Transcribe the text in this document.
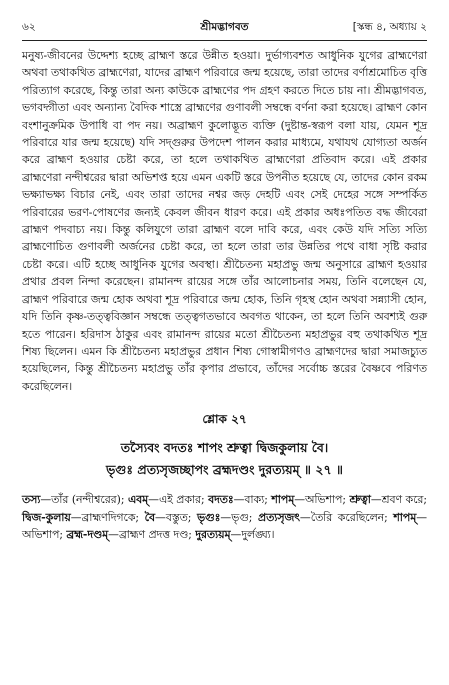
৬২	শ্রীমদ্ভাগবত	[স্কন্ধ ৪, অধ্যায় ২

মনুষ্য-জীবনের উদ্দেশ্য হচ্ছে ব্রাহ্মণ স্তরে উন্নীত হওয়া। দুর্ভাগ্যবশত আধুনিক যুগের ব্রাহ্মণেরা অথবা তথাকথিত ব্রাহ্মণেরা, যাদের ব্রাহ্মণ পরিবারে জন্ম হয়েছে, তারা তাদের বর্ণাশ্রমোচিত বৃত্তি পরিত্যাগ করেছে, কিন্তু তারা অন্য কাউকে ব্রাহ্মণের পদ গ্রহণ করতে দিতে চায় না। শ্রীমদ্ভাগবত, ভগবদ্গীতা এবং অন্যান্য বৈদিক শাস্ত্রে ব্রাহ্মণের গুণাবলী সম্বন্ধে বর্ণনা করা হয়েছে। ব্রাহ্মণ কোন বংশানুক্রমিক উপাধি বা পদ নয়। অব্রাহ্মণ কুলোদ্ভূত ব্যক্তি (দুষ্টান্ত-স্বরূপ বলা যায়, যেমন শূদ্র পরিবারে যার জন্ম হয়েছে) যদি সদ্গুরুর উপদেশ পালন করার মাধ্যমে, যথাযথ যোগ্যতা অর্জন করে ব্রাহ্মণ হওয়ার চেষ্টা করে, তা হলে তথাকথিত ব্রাহ্মণেরা প্রতিবাদ করে। এই প্রকার ব্রাহ্মণেরা নন্দীশ্বরের দ্বারা অভিশপ্ত হয়ে এমন একটি স্তরে উপনীত হয়েছে যে, তাদের কোন রকম ভক্ষ্যাভক্ষ্য বিচার নেই, এবং তারা তাদের নশ্বর জড় দেহটি এবং সেই দেহের সঙ্গে সম্পর্কিত পরিবারের ভরণ-পোষণের জন্যই কেবল জীবন ধারণ করে। এই প্রকার অধঃপতিত বদ্ধ জীবেরা ব্রাহ্মণ পদবাচ্য নয়। কিন্তু কলিযুগে তারা ব্রাহ্মণ বলে দাবি করে, এবং কেউ যদি সত্যি সত্যি ব্রাহ্মণোচিত গুণাবলী অর্জনের চেষ্টা করে, তা হলে তারা তার উন্নতির পথে বাধা সৃষ্টি করার চেষ্টা করে। এটি হচ্ছে আধুনিক যুগের অবস্থা। শ্রীচৈতন্য মহাপ্রভু জন্ম অনুসারে ব্রাহ্মণ হওয়ার প্রথার প্রবল নিন্দা করেছেন। রামানন্দ রায়ের সঙ্গে তাঁর আলোচনার সময়, তিনি বলেছেন যে, ব্রাহ্মণ পরিবারে জন্ম হোক অথবা শূদ্র পরিবারে জন্ম হোক, তিনি গৃহস্থ হোন অথবা সন্ন্যাসী হোন, যদি তিনি কৃষ্ণ-তত্ত্ববিজ্ঞান সম্বন্ধে তত্ত্বগতভাবে অবগত থাকেন, তা হলে তিনি অবশ্যই গুরু হতে পারেন। হরিদাস ঠাকুর এবং রামানন্দ রায়ের মতো শ্রীচৈতন্য মহাপ্রভুর বহু তথাকথিত শূদ্র শিষ্য ছিলেন। এমন কি শ্রীচৈতন্য মহাপ্রভুর প্রধান শিষ্য গোস্বামীগণও ব্রাহ্মণদের দ্বারা সমাজচ্যুত হয়েছিলেন, কিন্তু শ্রীচৈতন্য মহাপ্রভু তাঁর কৃপার প্রভাবে, তাঁদের সর্বোচ্চ স্তরের বৈষ্ণবে পরিণত করেছিলেন।

শ্লোক ২৭
তস্যৈবং বদতঃ শাপং শ্রুত্বা দ্বিজকুলায় বৈ।
ভৃগুঃ প্রত্যসৃজচ্ছাপং ব্রহ্মদণ্ডং দুরত্যয়ম্ ॥ ২৭ ॥
তস্য—তাঁর (নন্দীশ্বরের); এবম্—এই প্রকার; বদতঃ—বাক্য; শাপম্—অভিশাপ; শ্রুত্বা—শ্রবণ করে; দ্বিজ-কুলায়—ব্রাহ্মণদিগকে; বৈ—বস্তুত; ভৃগুঃ—ভৃগু; প্রত্যসৃজৎ—তৈরি করেছিলেন; শাপম্—অভিশাপ; ব্রহ্ম-দণ্ডম্—ব্রাহ্মণ প্রদত্ত দণ্ড; দুরত্যয়ম্—দুর্লঙ্ঘ্য।
